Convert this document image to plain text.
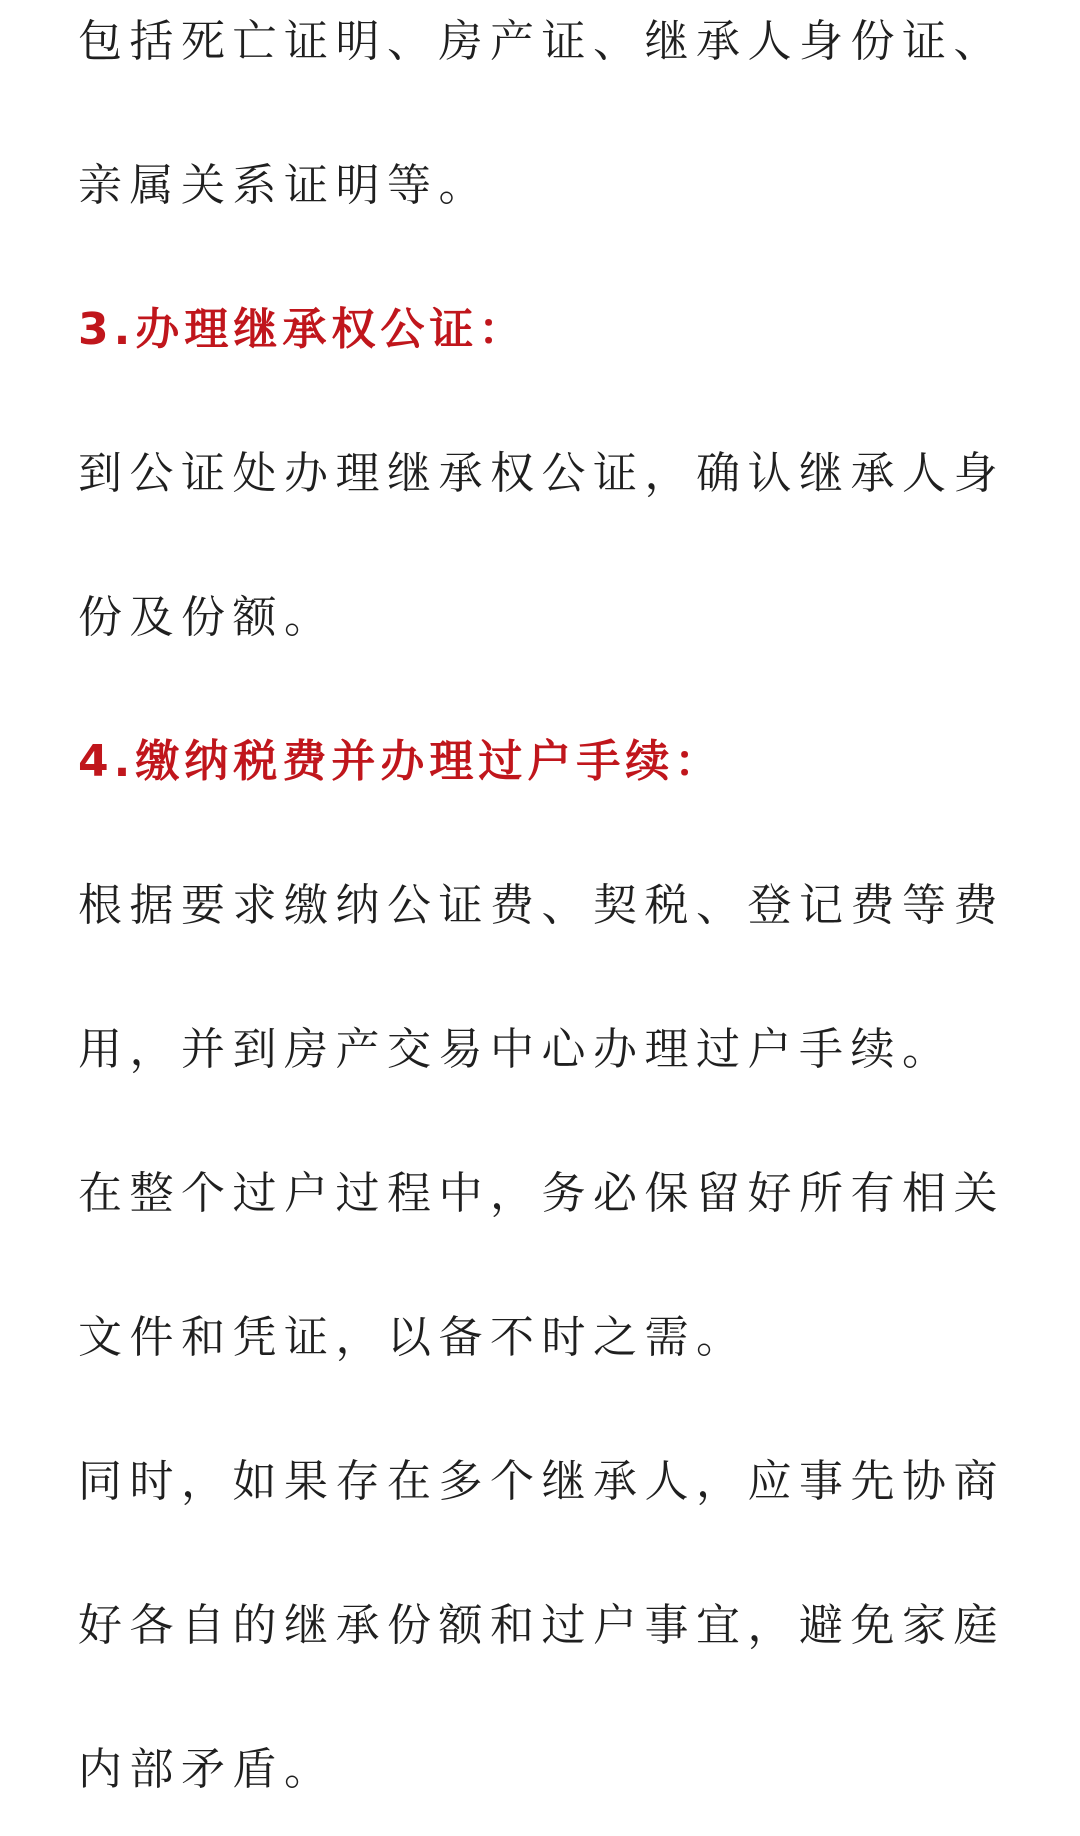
包括死亡证明、房产证、继承人身份证、

亲属关系证明等。

3.办理继承权公证：

到公证处办理继承权公证，确认继承人身

份及份额。

4.缴纳税费并办理过户手续：

根据要求缴纳公证费、契税、登记费等费

用，并到房产交易中心办理过户手续。

在整个过户过程中，务必保留好所有相关

文件和凭证，以备不时之需。

同时，如果存在多个继承人，应事先协商

好各自的继承份额和过户事宜，避免家庭

内部矛盾。
